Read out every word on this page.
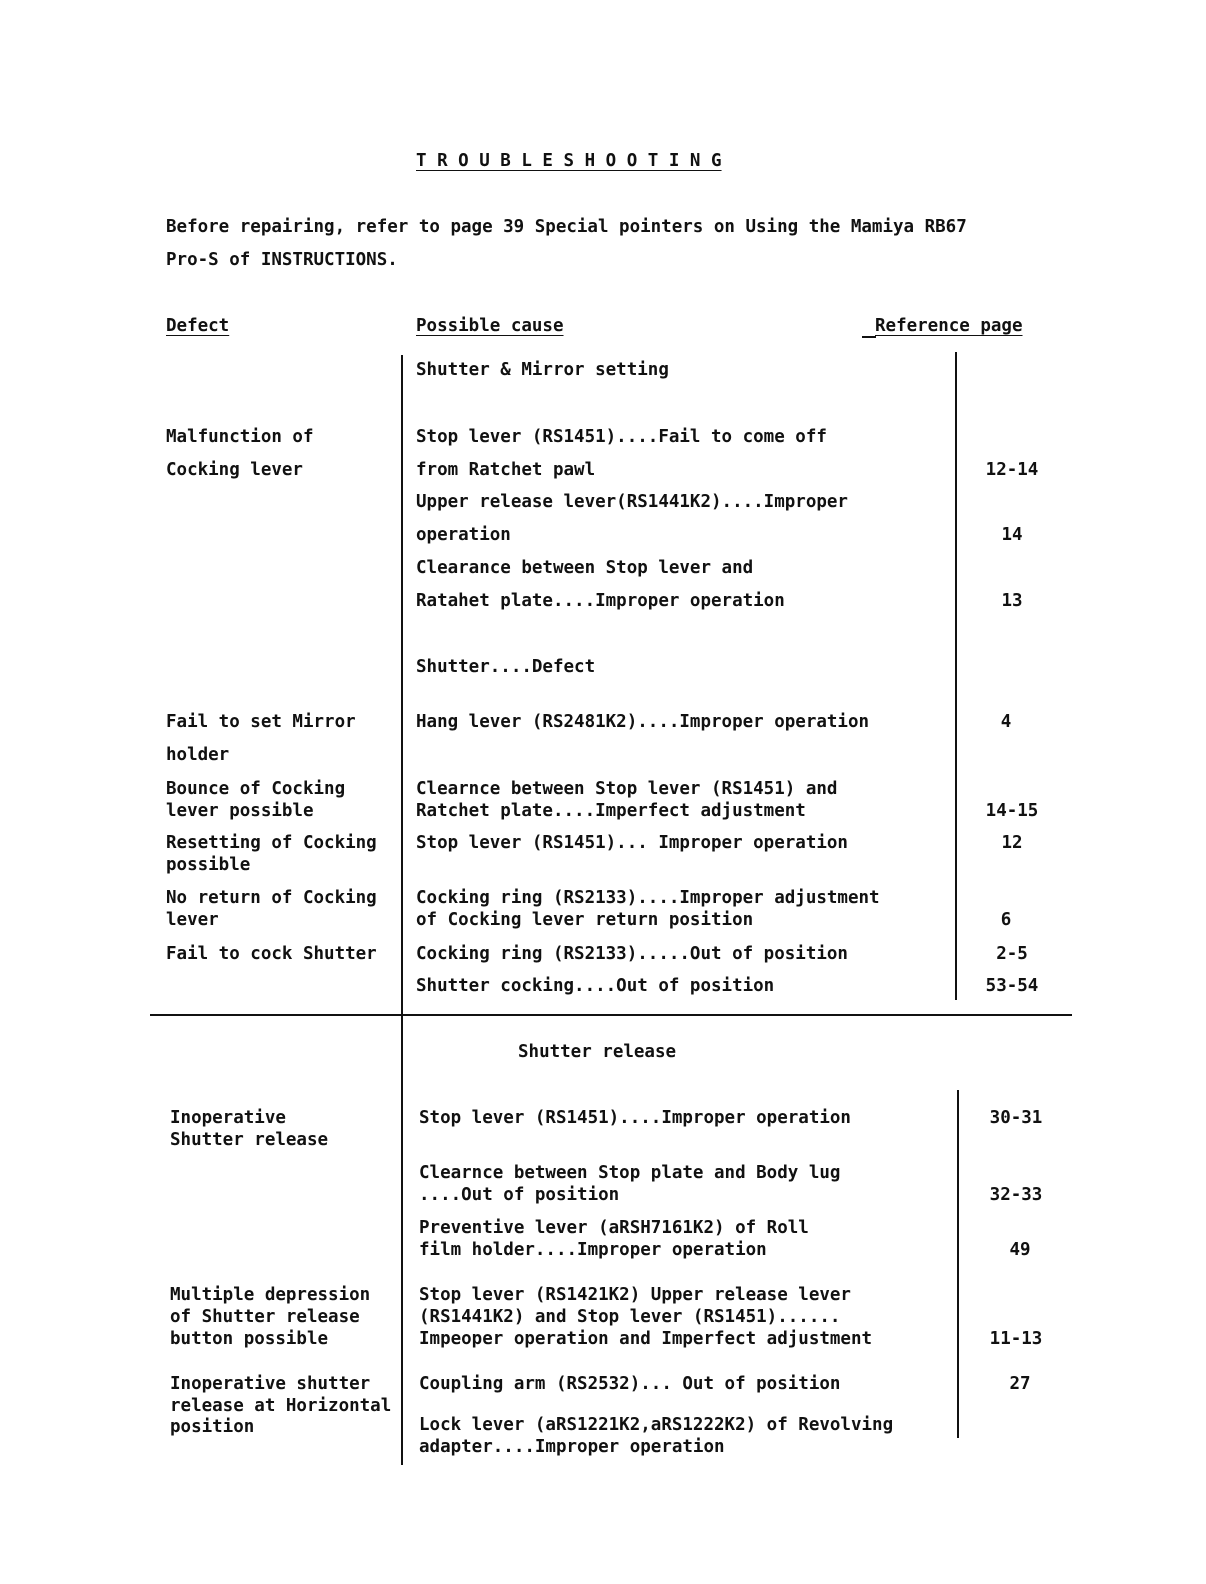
T R O U B L E S H O O T I N G
Before repairing, refer to page 39 Special pointers on Using the Mamiya RB67
Pro-S of INSTRUCTIONS.
Defect	Possible cause	Reference page
Shutter & Mirror setting
Malfunction of
Cocking lever
Fail to set Mirror
holder
Bounce of Cocking
lever possible
Resetting of Cocking
possible
No return of Cocking
lever
Fail to cock Shutter
Stop lever (RS1451)....Fail to come off
from Ratchet pawl
Upper release lever(RS1441K2)....Improper
operation
Clearance between Stop lever and
Ratahet plate....Improper operation
Shutter....Defect
Hang lever (RS2481K2)....Improper operation
Clearnce between Stop lever (RS1451) and
Ratchet plate....Imperfect adjustment
Stop lever (RS1451)... Improper operation
Cocking ring (RS2133)....Improper adjustment
of Cocking lever return position
Cocking ring (RS2133).....Out of position
Shutter cocking....Out of position
12-14
14
13
4
14-15
12
6
2-5
53-54
Shutter release
Inoperative
Shutter release
Multiple depression
of Shutter release
button possible
Inoperative shutter
release at Horizontal
position
Stop lever (RS1451)....Improper operation
Clearnce between Stop plate and Body lug
....Out of position
Preventive lever (aRSH7161K2) of Roll
film holder....Improper operation
Stop lever (RS1421K2) Upper release lever
(RS1441K2) and Stop lever (RS1451)......
Impeoper operation and Imperfect adjustment
Coupling arm (RS2532)... Out of position
Lock lever (aRS1221K2,aRS1222K2) of Revolving
adapter....Improper operation
30-31
32-33
49
11-13
27
